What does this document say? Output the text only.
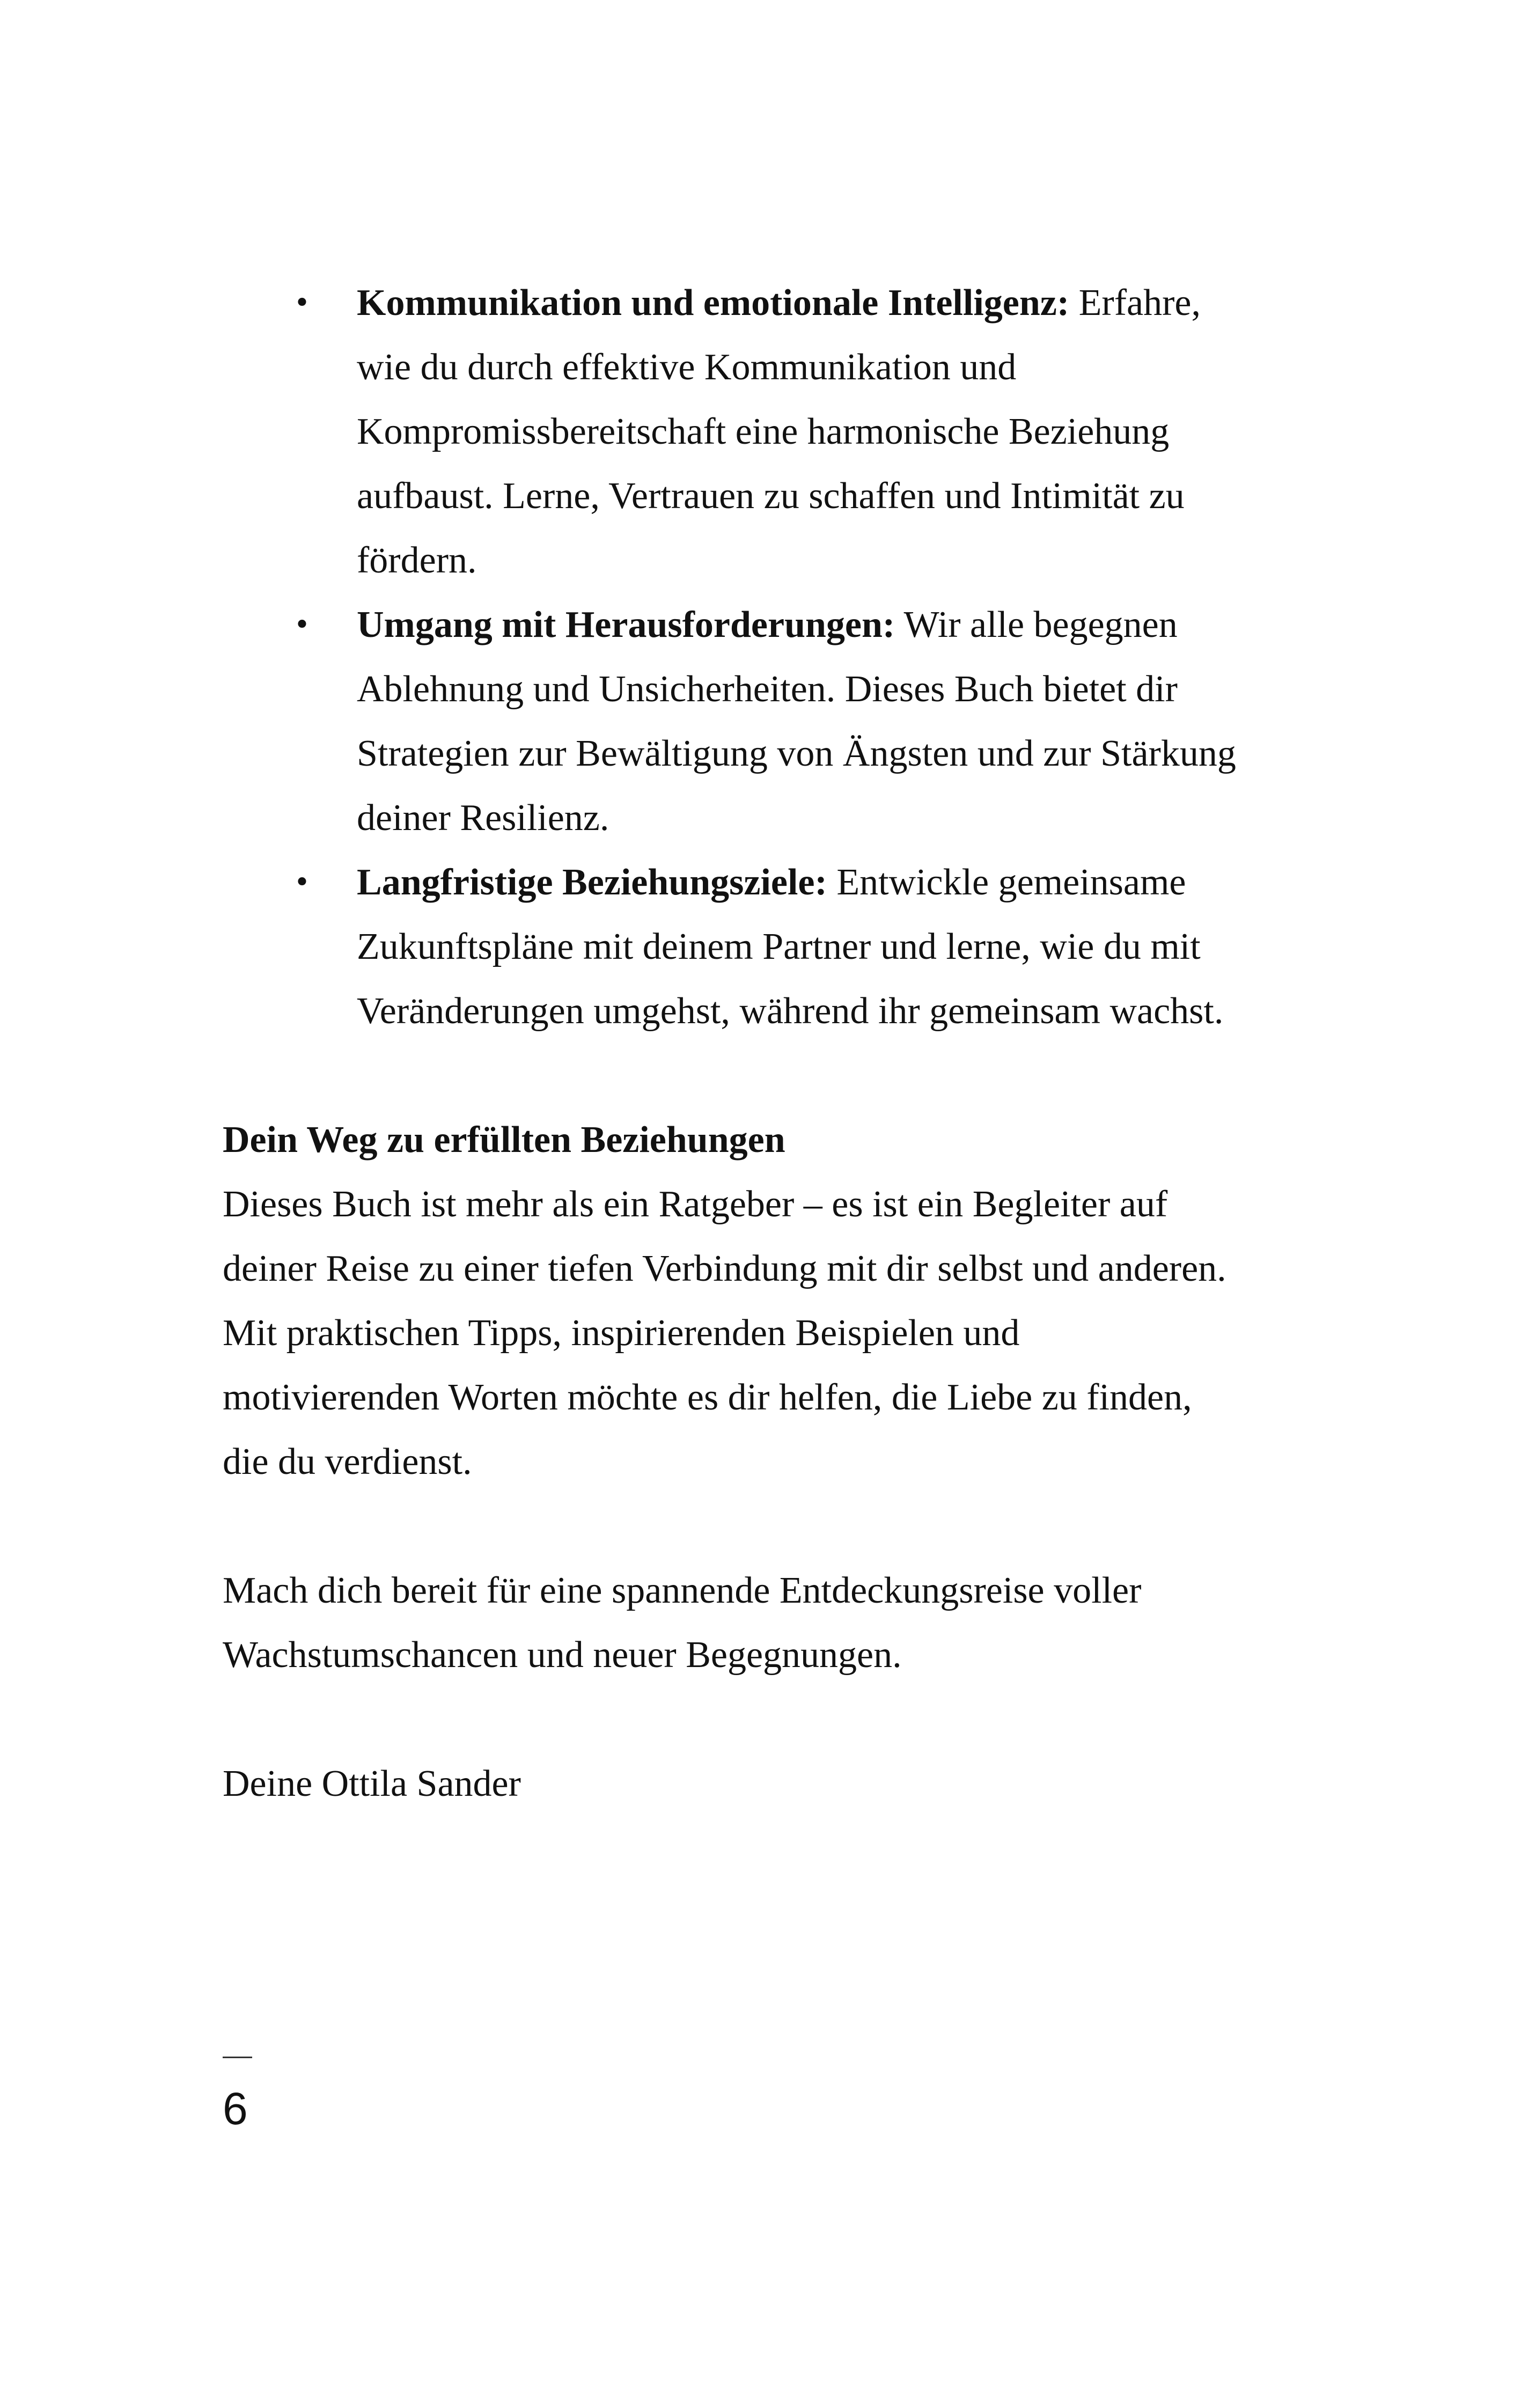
• Kommunikation und emotionale Intelligenz: Erfahre, wie du durch effektive Kommunikation und Kompromissbereitschaft eine harmonische Beziehung aufbaust. Lerne, Vertrauen zu schaffen und Intimität zu fördern.
• Umgang mit Herausforderungen: Wir alle begegnen Ablehnung und Unsicherheiten. Dieses Buch bietet dir Strategien zur Bewältigung von Ängsten und zur Stärkung deiner Resilienz.
• Langfristige Beziehungsziele: Entwickle gemeinsame Zukunftspläne mit deinem Partner und lerne, wie du mit Veränderungen umgehst, während ihr gemeinsam wachst.

Dein Weg zu erfüllten Beziehungen

Dieses Buch ist mehr als ein Ratgeber – es ist ein Begleiter auf deiner Reise zu einer tiefen Verbindung mit dir selbst und anderen. Mit praktischen Tipps, inspirierenden Beispielen und motivierenden Worten möchte es dir helfen, die Liebe zu finden, die du verdienst.

Mach dich bereit für eine spannende Entdeckungsreise voller Wachstumschancen und neuer Begegnungen.

Deine Ottila Sander

6
